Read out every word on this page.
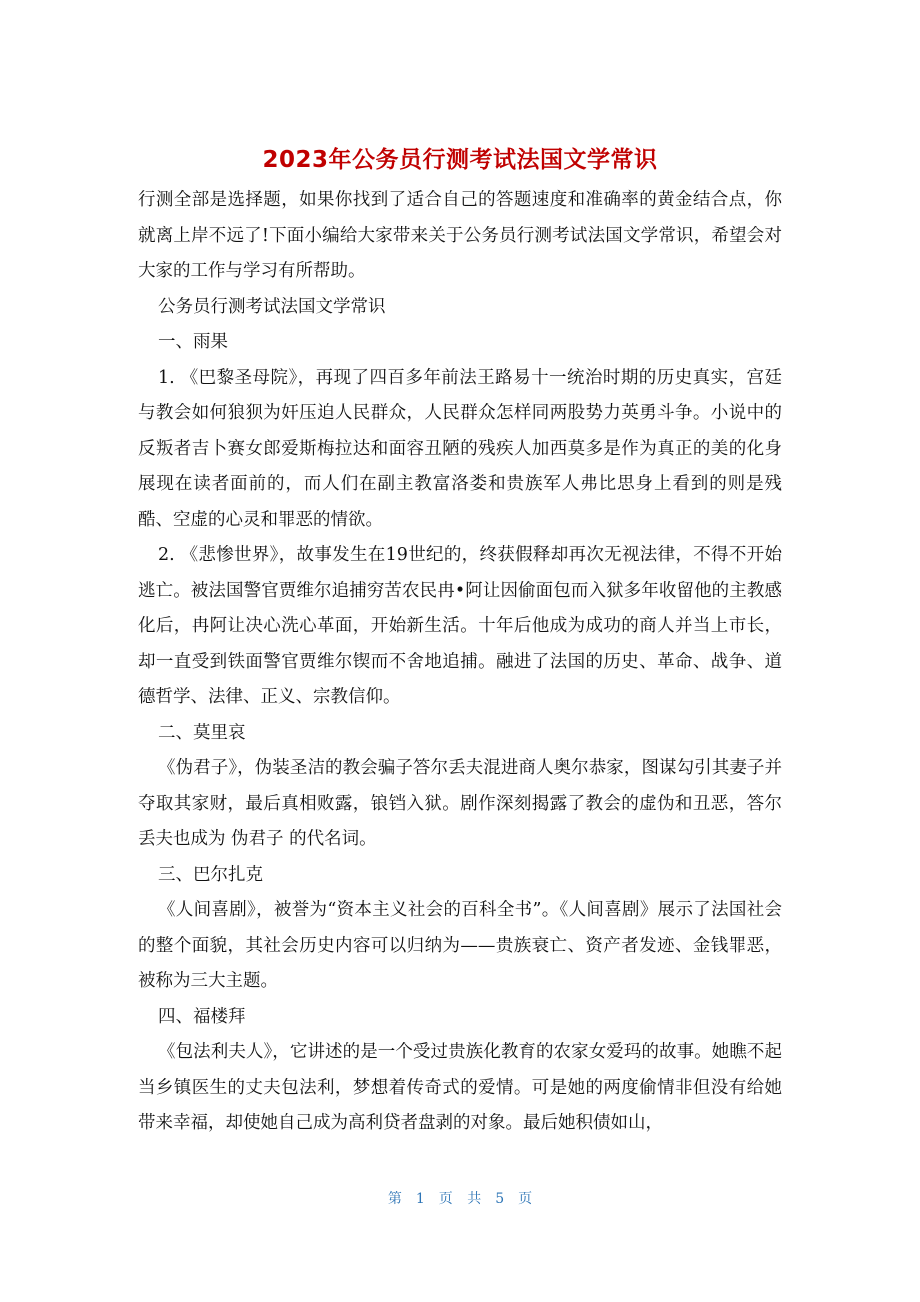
2023年公务员行测考试法国文学常识

行测全部是选择题，如果你找到了适合自己的答题速度和准确率的黄金结合点，你就离上岸不远了!下面小编给大家带来关于公务员行测考试法国文学常识，希望会对大家的工作与学习有所帮助。

公务员行测考试法国文学常识

一、雨果

1. 《巴黎圣母院》，再现了四百多年前法王路易十一统治时期的历史真实，宫廷与教会如何狼狈为奸压迫人民群众，人民群众怎样同两股势力英勇斗争。小说中的反叛者吉卜赛女郎爱斯梅拉达和面容丑陋的残疾人加西莫多是作为真正的美的化身展现在读者面前的，而人们在副主教富洛娄和贵族军人弗比思身上看到的则是残酷、空虚的心灵和罪恶的情欲。

2. 《悲惨世界》，故事发生在19世纪的，终获假释却再次无视法律，不得不开始逃亡。被法国警官贾维尔追捕穷苦农民冉•阿让因偷面包而入狱多年收留他的主教感化后，冉阿让决心洗心革面，开始新生活。十年后他成为成功的商人并当上市长，却一直受到铁面警官贾维尔锲而不舍地追捕。融进了法国的历史、革命、战争、道德哲学、法律、正义、宗教信仰。

二、莫里哀

《伪君子》，伪装圣洁的教会骗子答尔丢夫混进商人奥尔恭家，图谋勾引其妻子并夺取其家财，最后真相败露，锒铛入狱。剧作深刻揭露了教会的虚伪和丑恶，答尔丢夫也成为 伪君子 的代名词。

三、巴尔扎克

《人间喜剧》，被誉为“资本主义社会的百科全书”。《人间喜剧》展示了法国社会的整个面貌，其社会历史内容可以归纳为——贵族衰亡、资产者发迹、金钱罪恶，被称为三大主题。

四、福楼拜

《包法利夫人》，它讲述的是一个受过贵族化教育的农家女爱玛的故事。她瞧不起当乡镇医生的丈夫包法利，梦想着传奇式的爱情。可是她的两度偷情非但没有给她带来幸福，却使她自己成为高利贷者盘剥的对象。最后她积债如山，

第 1 页 共 5 页
